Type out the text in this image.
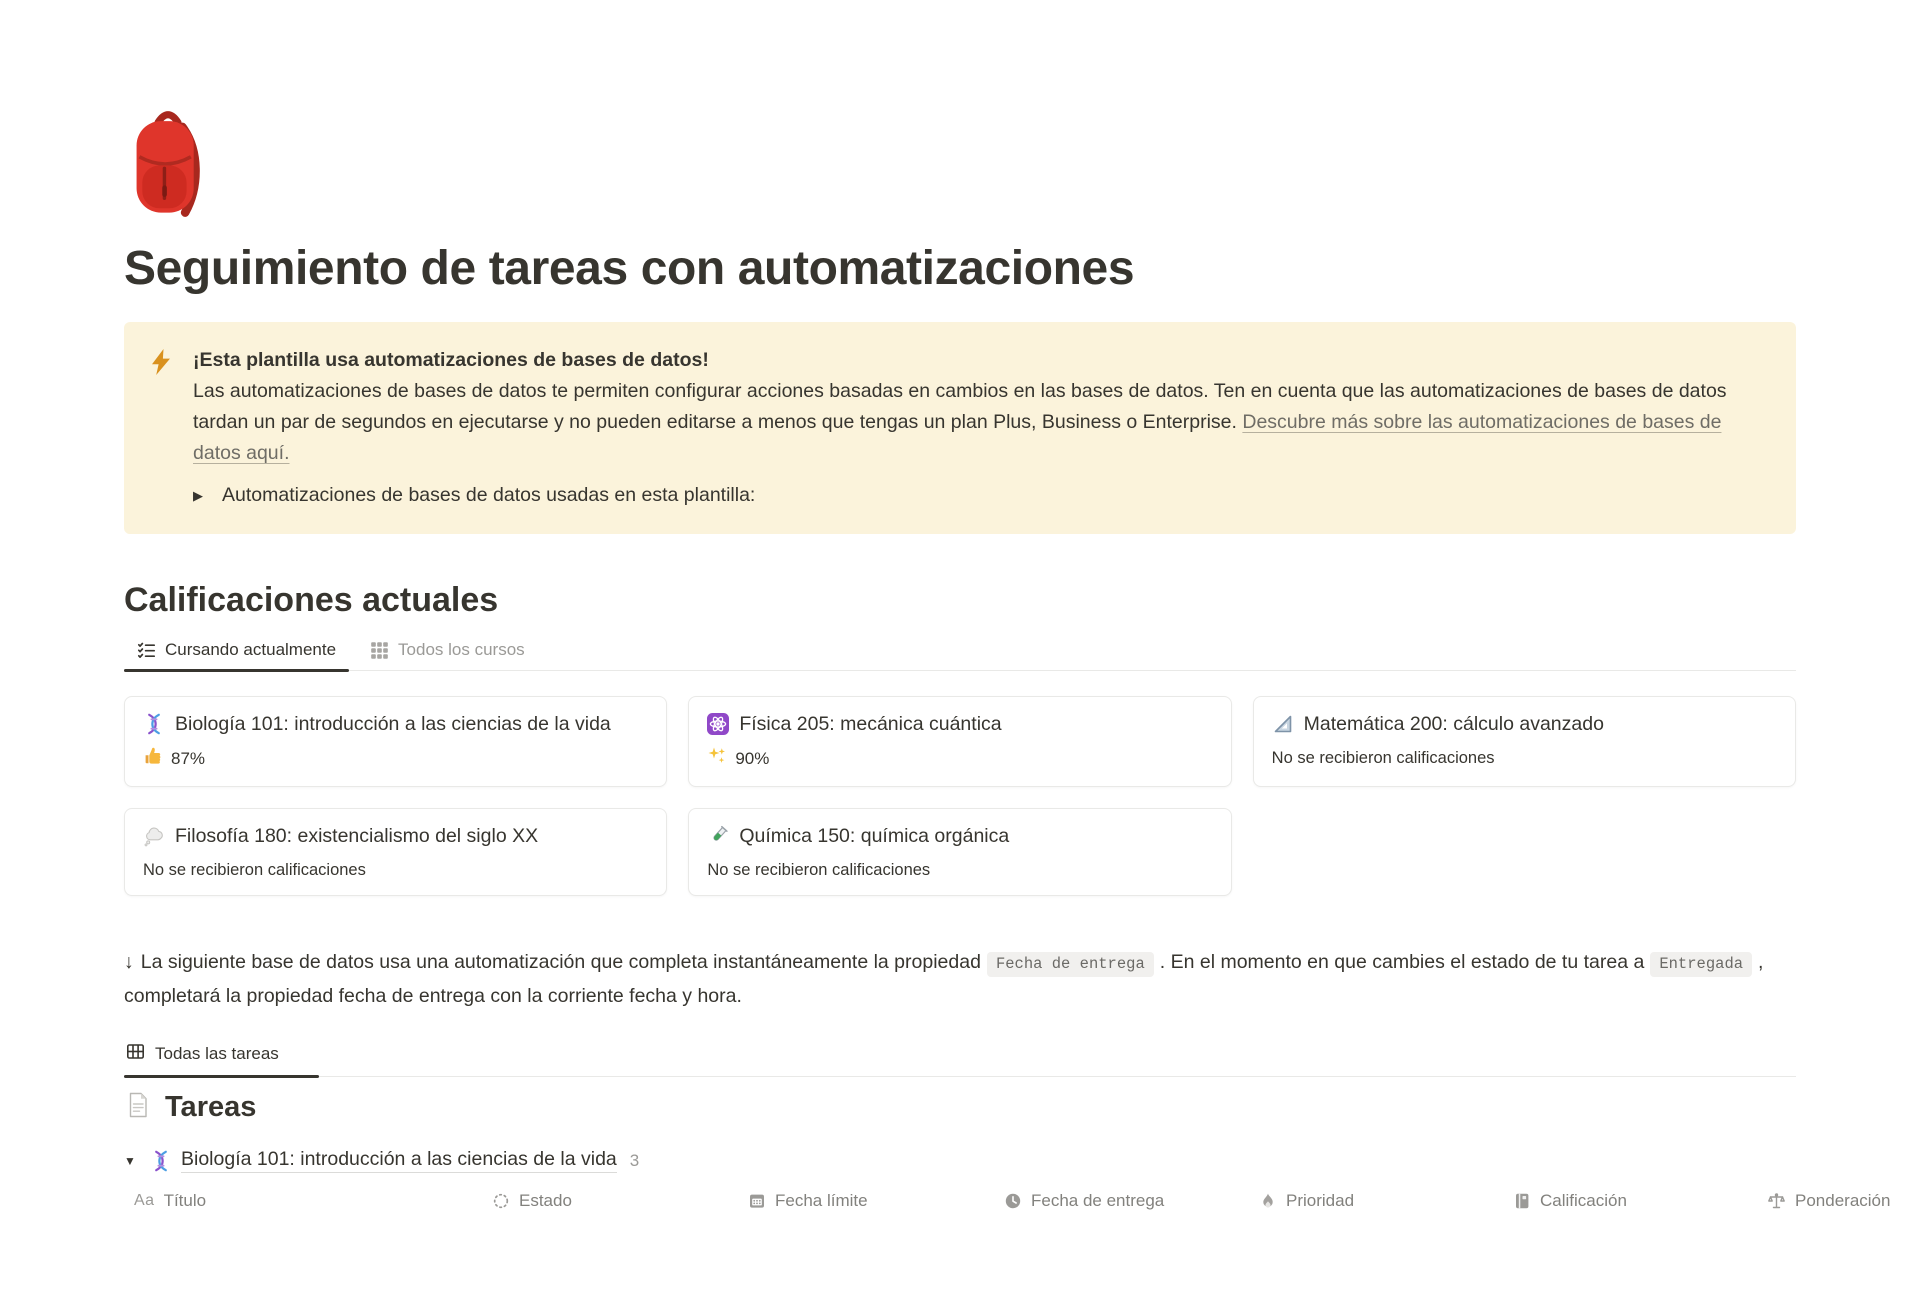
Seguimiento de tareas con automatizaciones

¡Esta plantilla usa automatizaciones de bases de datos!

Las automatizaciones de bases de datos te permiten configurar acciones basadas en cambios en las bases de datos. Ten en cuenta que las automatizaciones de bases de datos tardan un par de segundos en ejecutarse y no pueden editarse a menos que tengas un plan Plus, Business o Enterprise. Descubre más sobre las automatizaciones de bases de datos aquí.

▶ Automatizaciones de bases de datos usadas en esta plantilla:
Calificaciones actuales
Cursando actualmente	Todos los cursos
Biología 101: introducción a las ciencias de la vida
87%
Física 205: mecánica cuántica
90%
Matemática 200: cálculo avanzado
No se recibieron calificaciones
Filosofía 180: existencialismo del siglo XX
No se recibieron calificaciones
Química 150: química orgánica
No se recibieron calificaciones

↓ La siguiente base de datos usa una automatización que completa instantáneamente la propiedad Fecha de entrega . En el momento en que cambies el estado de tu tarea a Entregada , completará la propiedad fecha de entrega con la corriente fecha y hora.

Todas las tareas
Tareas
▼	Biología 101: introducción a las ciencias de la vida 3
Aa Título	Estado	Fecha límite	Fecha de entrega	Prioridad	Calificación	Ponderación
